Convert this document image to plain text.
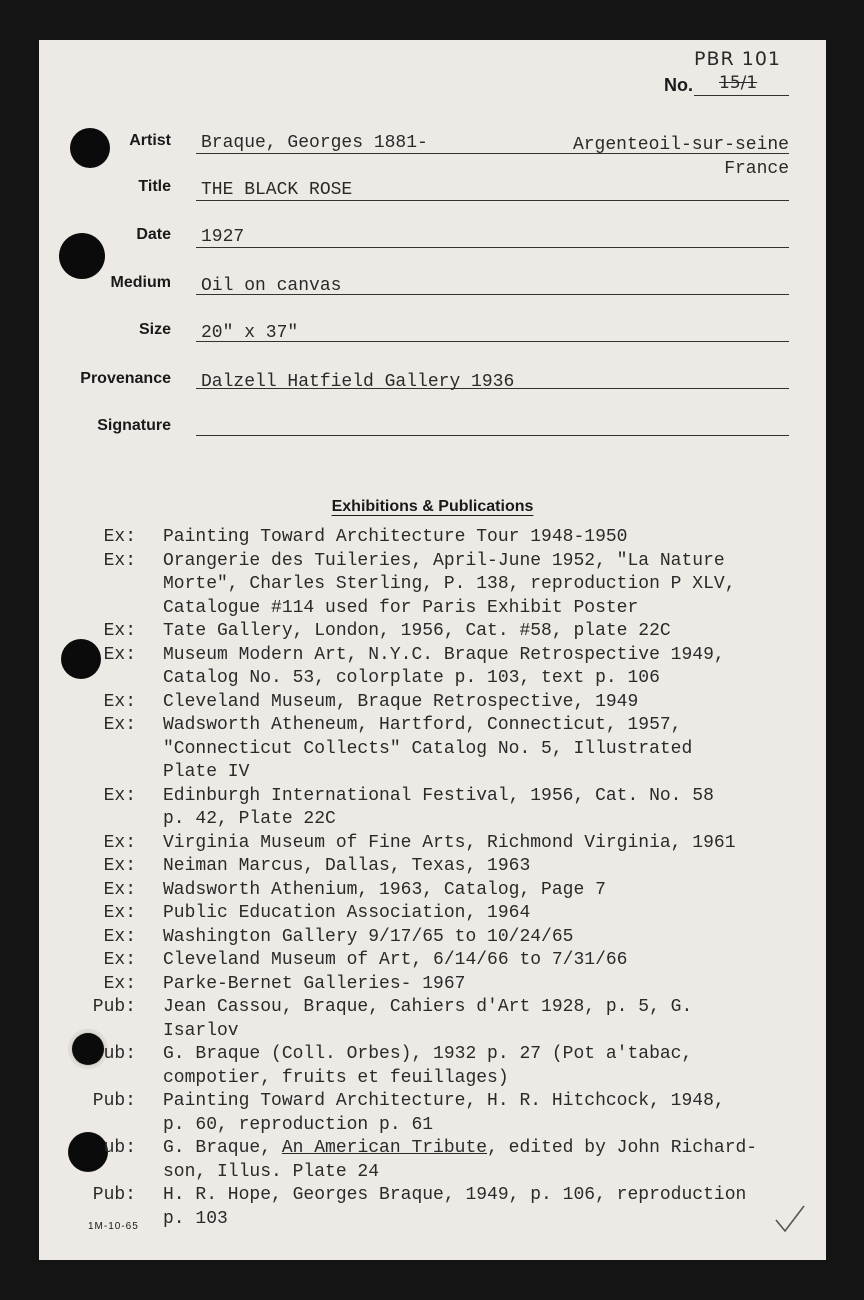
PBR 101
No. 15/1
Artist Braque, Georges 1881-	Argenteoil-sur-seine
France
Title THE BLACK ROSE
Date 1927
Medium Oil on canvas
Size 20" x 37"
Provenance Dalzell Hatfield Gallery 1936
Signature
Exhibitions & Publications
Ex: Painting Toward Architecture Tour 1948-1950
Ex: Orangerie des Tuileries, April-June 1952, "La Nature
Morte", Charles Sterling, P. 138, reproduction P XLV,
Catalogue #114 used for Paris Exhibit Poster
Ex: Tate Gallery, London, 1956, Cat. #58, plate 22C
Ex: Museum Modern Art, N.Y.C. Braque Retrospective 1949,
Catalog No. 53, colorplate p. 103, text p. 106
Ex: Cleveland Museum, Braque Retrospective, 1949
Ex: Wadsworth Atheneum, Hartford, Connecticut, 1957,
"Connecticut Collects" Catalog No. 5, Illustrated
Plate IV
Ex: Edinburgh International Festival, 1956, Cat. No. 58
p. 42, Plate 22C
Ex: Virginia Museum of Fine Arts, Richmond Virginia, 1961
Ex: Neiman Marcus, Dallas, Texas, 1963
Ex: Wadsworth Athenium, 1963, Catalog, Page 7
Ex: Public Education Association, 1964
Ex: Washington Gallery 9/17/65 to 10/24/65
Ex: Cleveland Museum of Art, 6/14/66 to 7/31/66
Ex: Parke-Bernet Galleries- 1967
Pub: Jean Cassou, Braque, Cahiers d'Art 1928, p. 5, G.
Isarlov
ub: G. Braque (Coll. Orbes), 1932 p. 27 (Pot a'tabac,
compotier, fruits et feuillages)
Pub: Painting Toward Architecture, H. R. Hitchcock, 1948,
p. 60, reproduction p. 61
ub: G. Braque, An American Tribute, edited by John Richard-
son, Illus. Plate 24
Pub: H. R. Hope, Georges Braque, 1949, p. 106, reproduction
p. 103
1M-10-65
